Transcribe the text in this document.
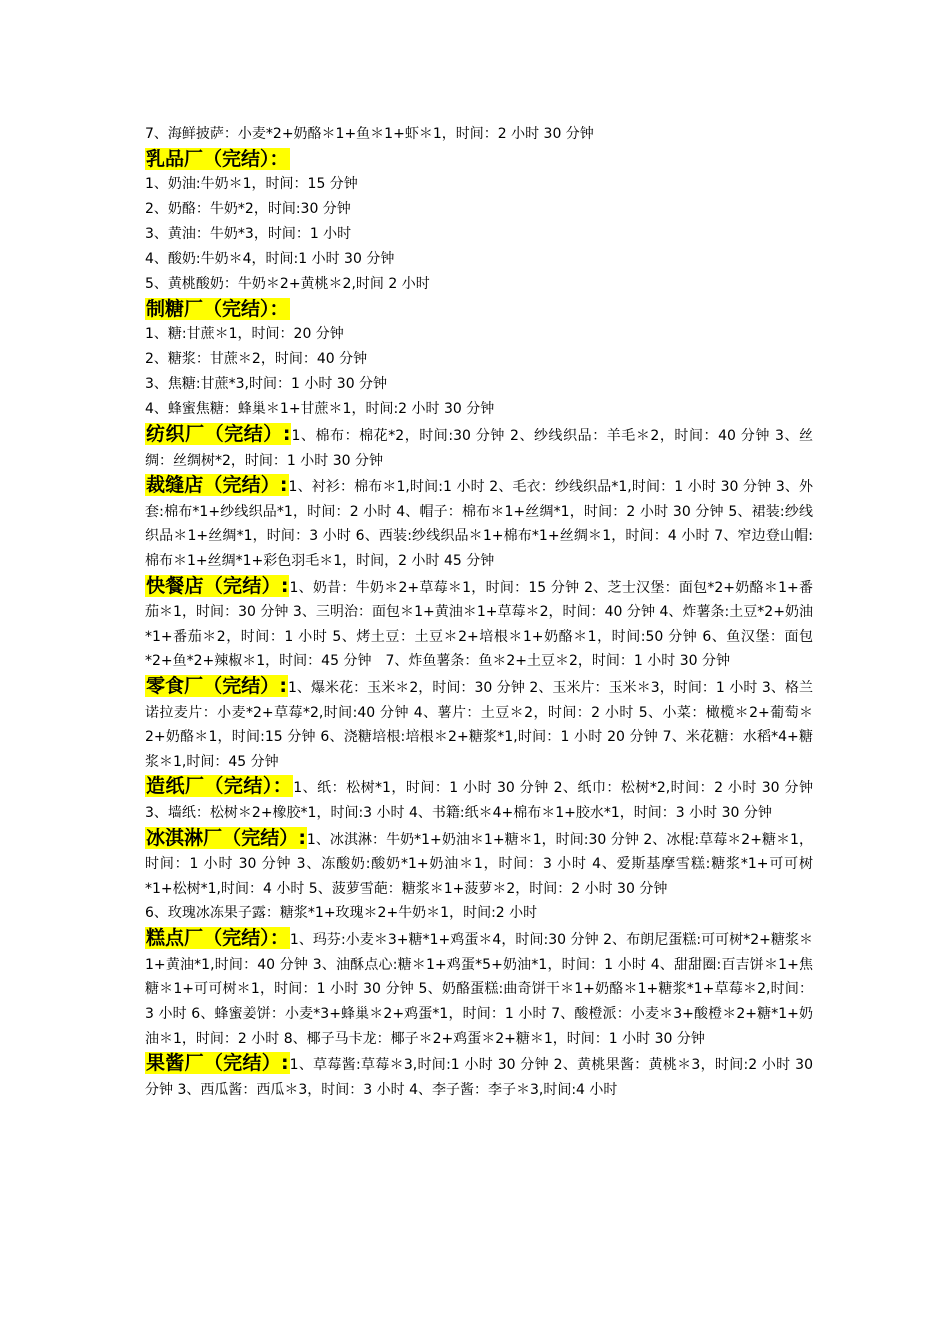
7、海鲜披萨：小麦*2+奶酪＊1+鱼＊1+虾＊1，时间：2 小时 30 分钟
乳品厂（完结）：
1、奶油:牛奶＊1，时间：15 分钟
2、奶酪：牛奶*2，时间:30 分钟
3、黄油：牛奶*3，时间：1 小时
4、酸奶:牛奶＊4，时间:1 小时 30 分钟
5、黄桃酸奶：牛奶＊2+黄桃＊2,时间 2 小时
制糖厂（完结）：
1、糖:甘蔗＊1，时间：20 分钟
2、糖浆：甘蔗＊2，时间：40 分钟
3、焦糖:甘蔗*3,时间：1 小时 30 分钟
4、蜂蜜焦糖：蜂巢＊1+甘蔗＊1，时间:2 小时 30 分钟
纺织厂（完结）:1、棉布：棉花*2，时间:30 分钟 2、纱线织品：羊毛＊2，时间：40 分钟 3、丝绸：丝绸树*2，时间：1 小时 30 分钟
裁缝店（完结）:1、衬衫：棉布＊1,时间:1 小时 2、毛衣：纱线织品*1,时间：1 小时 30 分钟 3、外套:棉布*1+纱线织品*1，时间：2 小时 4、帽子：棉布＊1+丝绸*1，时间：2 小时 30 分钟 5、裙装:纱线织品＊1+丝绸*1，时间：3 小时 6、西装:纱线织品＊1+棉布*1+丝绸＊1，时间：4 小时 7、窄边登山帽:棉布＊1+丝绸*1+彩色羽毛＊1，时间，2 小时 45 分钟
快餐店（完结）:1、奶昔：牛奶＊2+草莓＊1，时间：15 分钟 2、芝士汉堡：面包*2+奶酪＊1+番茄＊1，时间：30 分钟 3、三明治：面包＊1+黄油＊1+草莓＊2，时间：40 分钟 4、炸薯条:土豆*2+奶油*1+番茄＊2，时间：1 小时 5、烤土豆：土豆＊2+培根＊1+奶酪＊1，时间:50 分钟 6、鱼汉堡：面包*2+鱼*2+辣椒＊1，时间：45 分钟　7、炸鱼薯条：鱼＊2+土豆＊2，时间：1 小时 30 分钟
零食厂（完结）:1、爆米花：玉米＊2，时间：30 分钟 2、玉米片：玉米＊3，时间：1 小时 3、格兰诺拉麦片：小麦*2+草莓*2,时间:40 分钟 4、薯片：土豆＊2，时间：2 小时 5、小菜：橄榄＊2+葡萄＊2+奶酪＊1，时间:15 分钟 6、浇糖培根:培根＊2+糖浆*1,时间：1 小时 20 分钟 7、米花糖：水稻*4+糖浆＊1,时间：45 分钟
造纸厂（完结）：1、纸：松树*1，时间：1 小时 30 分钟 2、纸巾：松树*2,时间：2 小时 30 分钟 3、墙纸：松树＊2+橡胶*1，时间:3 小时 4、书籍:纸＊4+棉布＊1+胶水*1，时间：3 小时 30 分钟
冰淇淋厂（完结）:1、冰淇淋：牛奶*1+奶油＊1+糖＊1，时间:30 分钟 2、冰棍:草莓＊2+糖＊1，时间：1 小时 30 分钟 3、冻酸奶:酸奶*1+奶油＊1，时间：3 小时 4、爱斯基摩雪糕:糖浆*1+可可树*1+松树*1,时间：4 小时 5、菠萝雪葩：糖浆＊1+菠萝＊2，时间：2 小时 30 分钟
6、玫瑰冰冻果子露：糖浆*1+玫瑰＊2+牛奶＊1，时间:2 小时
糕点厂（完结）：1、玛芬:小麦＊3+糖*1+鸡蛋＊4，时间:30 分钟 2、布朗尼蛋糕:可可树*2+糖浆＊1+黄油*1,时间：40 分钟 3、油酥点心:糖＊1+鸡蛋*5+奶油*1，时间：1 小时 4、甜甜圈:百吉饼＊1+焦糖＊1+可可树＊1，时间：1 小时 30 分钟 5、奶酪蛋糕:曲奇饼干＊1+奶酪＊1+糖浆*1+草莓＊2,时间：3 小时 6、蜂蜜姜饼：小麦*3+蜂巢＊2+鸡蛋*1，时间：1 小时 7、酸橙派：小麦＊3+酸橙＊2+糖*1+奶油＊1，时间：2 小时 8、椰子马卡龙：椰子＊2+鸡蛋＊2+糖＊1，时间：1 小时 30 分钟
果酱厂（完结）:1、草莓酱:草莓＊3,时间:1 小时 30 分钟 2、黄桃果酱：黄桃＊3，时间:2 小时 30 分钟 3、西瓜酱：西瓜＊3，时间：3 小时 4、李子酱：李子＊3,时间:4 小时
